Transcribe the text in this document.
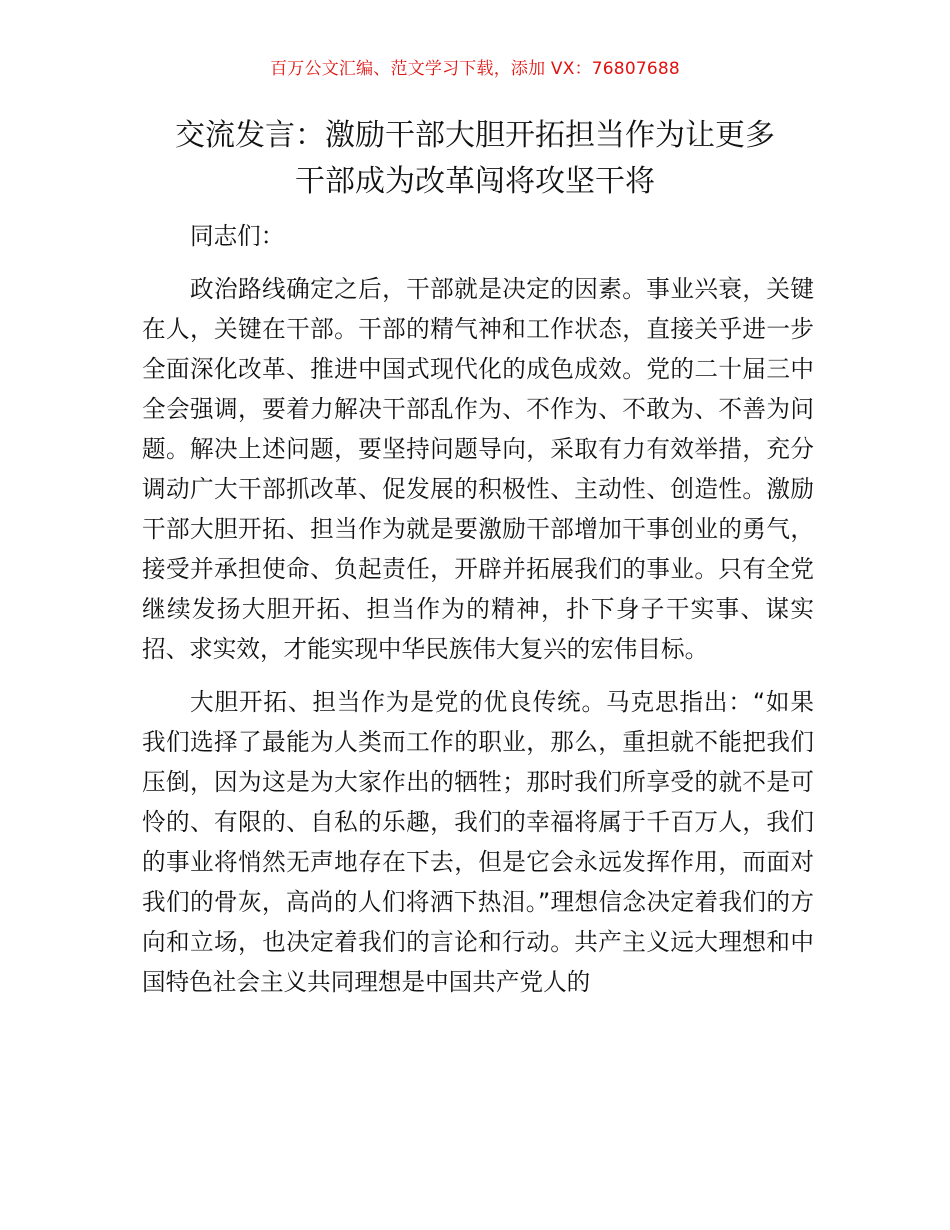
百万公文汇编、范文学习下载，添加 VX：76807688
交流发言：激励干部大胆开拓担当作为让更多
干部成为改革闯将攻坚干将

同志们：

政治路线确定之后，干部就是决定的因素。事业兴衰，关键在人，关键在干部。干部的精气神和工作状态，直接关乎进一步全面深化改革、推进中国式现代化的成色成效。党的二十届三中全会强调，要着力解决干部乱作为、不作为、不敢为、不善为问题。解决上述问题，要坚持问题导向，采取有力有效举措，充分调动广大干部抓改革、促发展的积极性、主动性、创造性。激励干部大胆开拓、担当作为就是要激励干部增加干事创业的勇气，接受并承担使命、负起责任，开辟并拓展我们的事业。只有全党继续发扬大胆开拓、担当作为的精神，扑下身子干实事、谋实招、求实效，才能实现中华民族伟大复兴的宏伟目标。

大胆开拓、担当作为是党的优良传统。马克思指出：“如果我们选择了最能为人类而工作的职业，那么，重担就不能把我们压倒，因为这是为大家作出的牺牲；那时我们所享受的就不是可怜的、有限的、自私的乐趣，我们的幸福将属于千百万人，我们的事业将悄然无声地存在下去，但是它会永远发挥作用，而面对我们的骨灰，高尚的人们将洒下热泪。”理想信念决定着我们的方向和立场，也决定着我们的言论和行动。共产主义远大理想和中国特色社会主义共同理想是中国共产党人的
